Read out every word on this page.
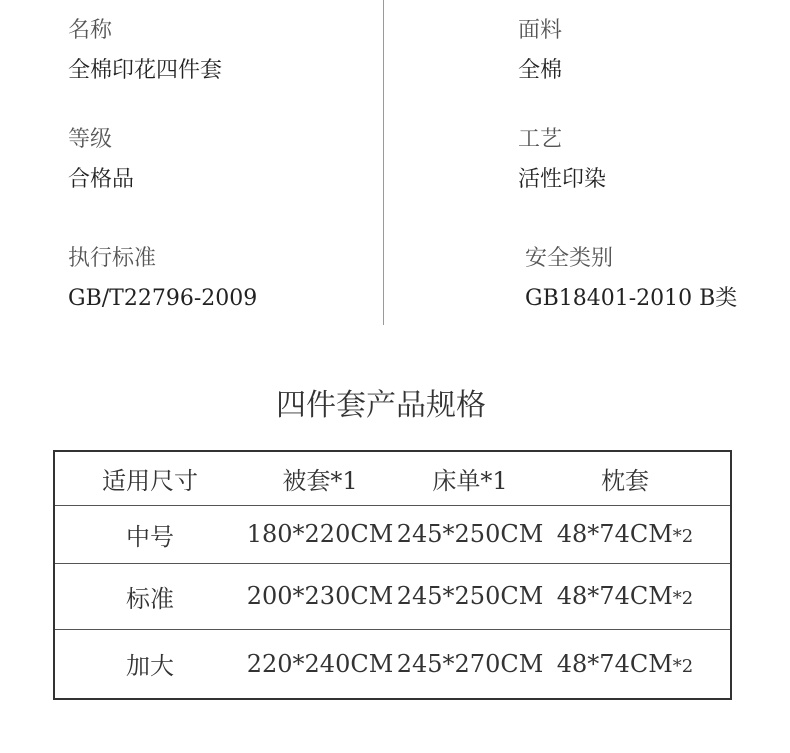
名称
全棉印花四件套
面料
全棉
等级
合格品
工艺
活性印染
执行标准
GB/T22796-2009
安全类别
GB18401-2010 B类
四件套产品规格
适用尺寸	被套*1	床单*1	枕套
中号	180*220CM 245*250CM 48*74CM*2
标准	200*230CM 245*250CM 48*74CM*2
加大	220*240CM 245*270CM 48*74CM*2
